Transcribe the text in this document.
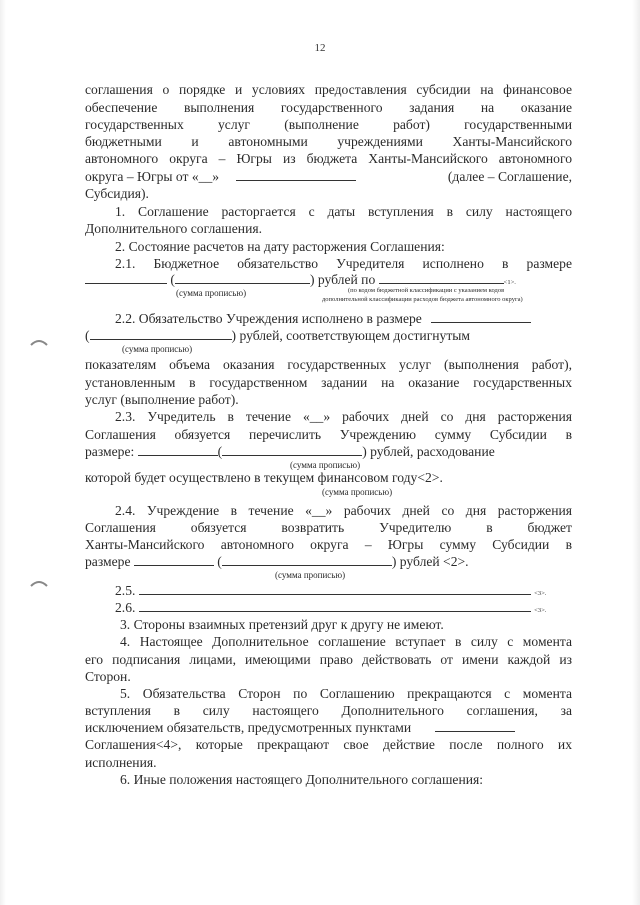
12
соглашения о порядке и условиях предоставления субсидии на финансовое
обеспечение выполнения государственного задания на оказание
государственных услуг (выполнение работ) государственными
бюджетными и автономными учреждениями Ханты-Мансийского
автономного округа – Югры из бюджета Ханты-Мансийского автономного
округа – Югры от «__»	(далее – Соглашение,
Субсидия).
1. Соглашение расторгается с даты вступления в силу настоящего
Дополнительного соглашения.
2. Состояние расчетов на дату расторжения Соглашения:
2.1. Бюджетное обязательство Учредителя исполнено в размере
(	) рублей по	<1>.
(сумма прописью)	(по кодом бюджетной классификации с указанием кодов
дополнительной классификации расходов бюджета автономного округа)
2.2. Обязательство Учреждения исполнено в размере
(	) рублей, соответствующем достигнутым
(сумма прописью)
показателям объема оказания государственных услуг (выполнения работ),
установленным в государственном задании на оказание государственных
услуг (выполнение работ).
2.3. Учредитель в течение «__» рабочих дней со дня расторжения
Соглашения обязуется перечислить Учреждению сумму Субсидии в
размере:	(	) рублей, расходование
(сумма прописью)
которой будет осуществлено в текущем финансовом году<2>.
(сумма прописью)
2.4. Учреждение в течение «__» рабочих дней со дня расторжения
Соглашения обязуется возвратить Учредителю в бюджет
Ханты-Мансийского автономного округа – Югры сумму Субсидии в
размере	(	) рублей <2>.
(сумма прописью)
2.5.	<3>.
2.6.	<3>.
3. Стороны взаимных претензий друг к другу не имеют.
4. Настоящее Дополнительное соглашение вступает в силу с момента
его подписания лицами, имеющими право действовать от имени каждой из
Сторон.
5. Обязательства Сторон по Соглашению прекращаются с момента
вступления в силу настоящего Дополнительного соглашения, за
исключением обязательств, предусмотренных пунктами
Соглашения<4>, которые прекращают свое действие после полного их
исполнения.
6. Иные положения настоящего Дополнительного соглашения:
